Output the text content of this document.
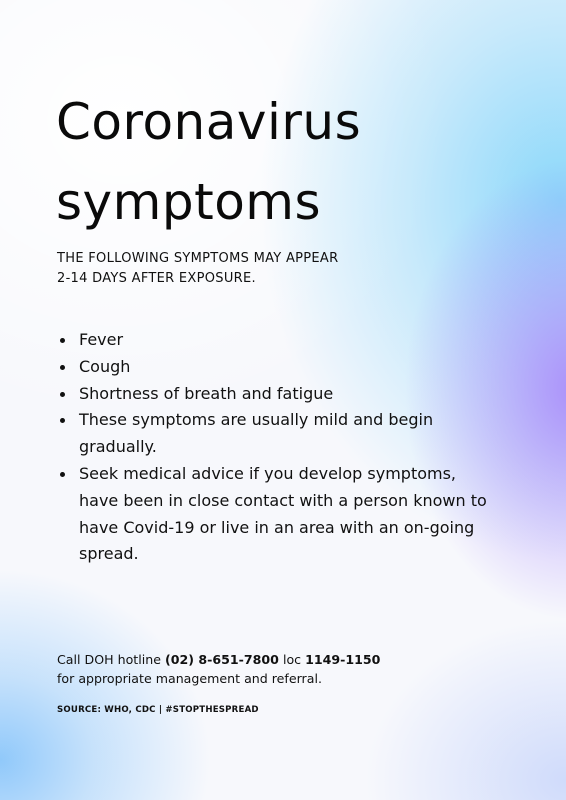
Coronavirus
symptoms
THE FOLLOWING SYMPTOMS MAY APPEAR
2-14 DAYS AFTER EXPOSURE.
Fever
Cough
Shortness of breath and fatigue
These symptoms are usually mild and begin gradually.
Seek medical advice if you develop symptoms, have been in close contact with a person known to have Covid-19 or live in an area with an on-going spread.
Call DOH hotline (02) 8-651-7800 loc 1149-1150
for appropriate management and referral.
SOURCE: WHO, CDC | #STOPTHESPREAD
